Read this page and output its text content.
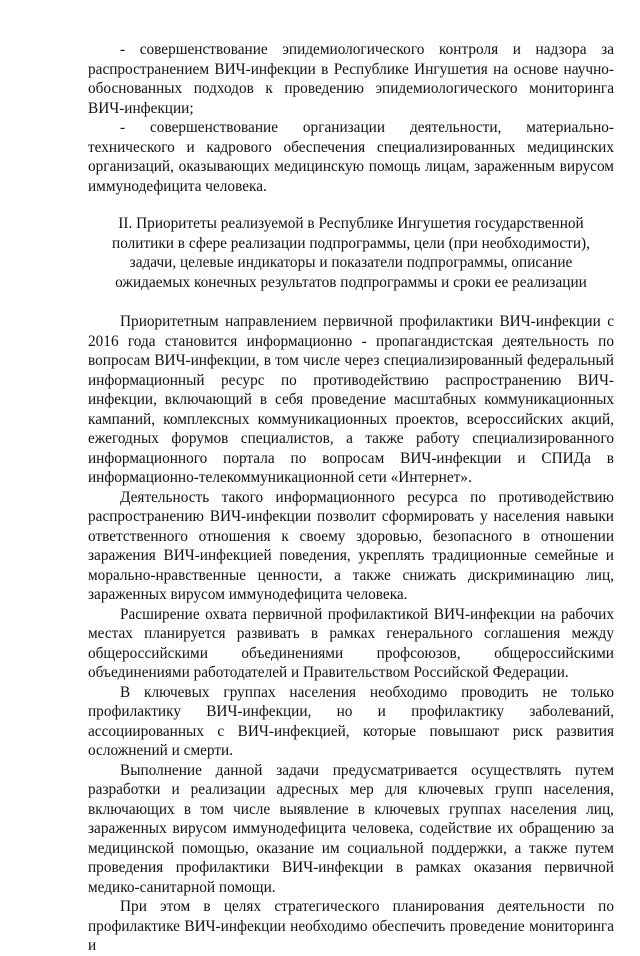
- совершенствование эпидемиологического контроля и надзора за распространением ВИЧ-инфекции в Республике Ингушетия на основе научно-обоснованных подходов к проведению эпидемиологического мониторинга ВИЧ-инфекции;

- совершенствование организации деятельности, материально-технического и кадрового обеспечения специализированных медицинских организаций, оказывающих медицинскую помощь лицам, зараженным вирусом иммунодефицита человека.

II. Приоритеты реализуемой в Республике Ингушетия государственной политики в сфере реализации подпрограммы, цели (при необходимости), задачи, целевые индикаторы и показатели подпрограммы, описание ожидаемых конечных результатов подпрограммы и сроки ее реализации

Приоритетным направлением первичной профилактики ВИЧ-инфекции с 2016 года становится информационно - пропагандистская деятельность по вопросам ВИЧ-инфекции, в том числе через специализированный федеральный информационный ресурс по противодействию распространению ВИЧ-инфекции, включающий в себя проведение масштабных коммуникационных кампаний, комплексных коммуникационных проектов, всероссийских акций, ежегодных форумов специалистов, а также работу специализированного информационного портала по вопросам ВИЧ-инфекции и СПИДа в информационно-телекоммуникационной сети «Интернет».

Деятельность такого информационного ресурса по противодействию распространению ВИЧ-инфекции позволит сформировать у населения навыки ответственного отношения к своему здоровью, безопасного в отношении заражения ВИЧ-инфекцией поведения, укреплять традиционные семейные и морально-нравственные ценности, а также снижать дискриминацию лиц, зараженных вирусом иммунодефицита человека.

Расширение охвата первичной профилактикой ВИЧ-инфекции на рабочих местах планируется развивать в рамках генерального соглашения между общероссийскими объединениями профсоюзов, общероссийскими объединениями работодателей и Правительством Российской Федерации.

В ключевых группах населения необходимо проводить не только профилактику ВИЧ-инфекции, но и профилактику заболеваний, ассоциированных с ВИЧ-инфекцией, которые повышают риск развития осложнений и смерти.

Выполнение данной задачи предусматривается осуществлять путем разработки и реализации адресных мер для ключевых групп населения, включающих в том числе выявление в ключевых группах населения лиц, зараженных вирусом иммунодефицита человека, содействие их обращению за медицинской помощью, оказание им социальной поддержки, а также путем проведения профилактики ВИЧ-инфекции в рамках оказания первичной медико-санитарной помощи.

При этом в целях стратегического планирования деятельности по профилактике ВИЧ-инфекции необходимо обеспечить проведение мониторинга и
